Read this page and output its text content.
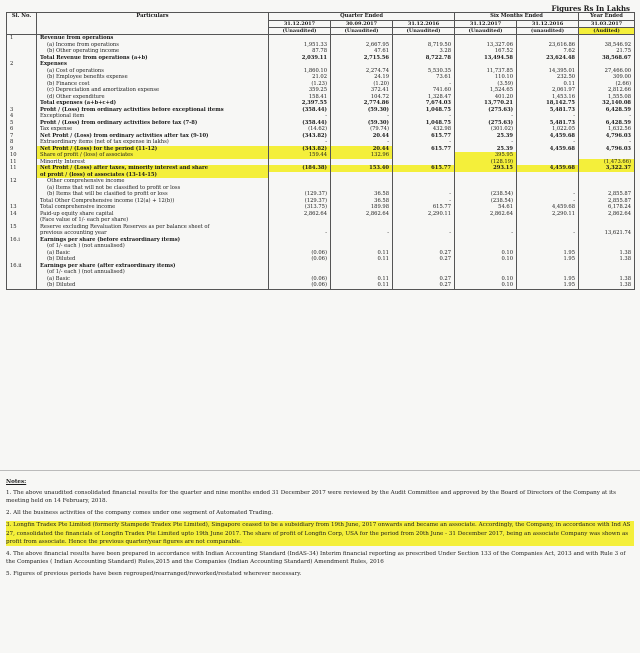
Figures Rs In Lakhs
Sl. No.	Particulars	Quarter Ended			Six Months Ended		Year Ended
		31.12.2017	30.09.2017	31.12.2016	31.12.2017	31.12.2016	31.03.2017
		(Unaudited)	(Unaudited)	(Unaudited)	(Unaudited)	(unaudited)	(Audited)
1	Revenue from operations						
	(a) Income from operations	1,951.33	2,667.95	8,719.50	13,327.06	23,616.86	38,546.92
	(b) Other operating income	87.78	47.61	3.28	167.52	7.62	21.75
	Total Revenue from operations (a+b)	2,039.11	2,715.56	8,722.78	13,494.58	23,624.48	38,568.67
2	Expenses						
	(a) Cost of operations	1,860.10	2,274.74	5,530.35	11,737.85	14,395.01	27,466.00
	(b) Employee benefits expense	21.02	24.19	73.61	110.10	232.50	309.00
	(b) Finance cost	(1.23)	(1.20)	-	(3.59)	0.11	(2.66)
	(c) Depreciation and amortization expense	359.25	372.41	741.60	1,524.65	2,061.97	2,812.66
	(d) Other expenditure	158.41	104.72	1,328.47	401.20	1,453.16	1,555.08
	Total expenses (a+b+c+d)	2,397.55	2,774.86	7,674.03	13,770.21	18,142.75	32,140.08
3	Profit / (Loss) from ordinary activities before exceptional items	(358.44)	(59.30)	1,048.75	(275.63)	5,481.73	6,428.59
4	Exceptional item	-	-	-	-	-	-
5	Profit / (Loss) from ordinary activities before tax (7-8)	(358.44)	(59.30)	1,048.75	(275.63)	5,481.73	6,428.59
6	Tax expense	(14.62)	(79.74)	432.98	(301.02)	1,022.05	1,632.56
7	Net Profit / (Loss) from ordinary activities after tax (9-10)	(343.82)	20.44	615.77	25.39	4,459.68	4,796.03
8	Extraordinary items (net of tax expense in lakhs)	-	-	-	-	-	-
9	Net Profit / (Loss) for the period (11-12)	(343.82)	20.44	615.77	25.39	4,459.68	4,796.03
10	Share of profit / (loss) of associates	159.44	132.96		395.95		
11	Minority Interest				(128.19)		(1,473.66)
11	Net Profit / (Loss) after taxes, minority interest and share	(184.38)	153.40	615.77	293.15	4,459.68	3,322.37
	of profit / (loss) of associates (13-14-15)						
12	Other comprehensive income						
	(a) Items that will not be classified to profit or loss						
	(b) Items that will be clasified to profit or loss	(129.37)	36.58	-	(238.54)	-	2,855.87
	Total Other Comprehensive income (12(a) + 12(b))	(129.37)	36.58	-	(238.54)	-	2,855.87
13	Total comprehensive income	(313.75)	189.98	615.77	54.61	4,459.68	6,178.24
14	Paid-up equity share capital	2,862.64	2,862.64	2,290.11	2,862.64	2,290.11	2,862.64
	(Face value of 1/- each per share)						
15	Reserve excluding Revaluation Reserves as per balance sheet of						
	previous accounting year	-	-	-	-	-	13,621.74
16.i	Earnings per share (before extraordinary items)						
	(of 1/- each ) (not annualised)						
	(a) Basic	(0.06)	0.11	0.27	0.10	1.95	1.38
	(b) Diluted	(0.06)	0.11	0.27	0.10	1.95	1.38
16.ii	Earnings per share (after extraordinary items)						
	(of 1/- each ) (not annualised)						
	(a) Basic	(0.06)	0.11	0.27	0.10	1.95	1.38
	(b) Diluted	(0.06)	0.11	0.27	0.10	1.95	1.38
Notes:

1. The above unaudited consolidated financial results for the quarter and nine months ended 31 December 2017 were reviewed by the Audit Committee and approved by the Board of Directors of the Company at its meeting held on 14 February, 2018.

2. All the business activities of the company comes under one segment of Automated Trading.

3. Longfin Tradex Pte Limited (formerly Stampede Tradex Pte Limited), Singapore ceased to be a subsidiary from 19th June, 2017 onwards and became an associate. Accordingly, the Company, in accordance with Ind AS 27, consolidated the financials of Longfin Tradex Pte Limited upto 19th June 2017. The share of profit of Longfin Corp, USA for the period from 20th June - 31 December 2017, being an associate Company was shown as profit from associate. Hence the previous quarter/year figures are not comparable.

4. The above financial results have been prepared in accordance with Indian Accounting Standard (IndAS-34) Interim financial reporting as prescribed Under Section 133 of the Companies Act, 2013 and with Rule 3 of the Companies ( Indian Accounting Standard) Rules,2015 and the Companies (Indian Accounting Standard) Amendment Rules, 2016

5. Figures of previous periods have been regrouped/rearranged/reworked/restated wherever necessary.
